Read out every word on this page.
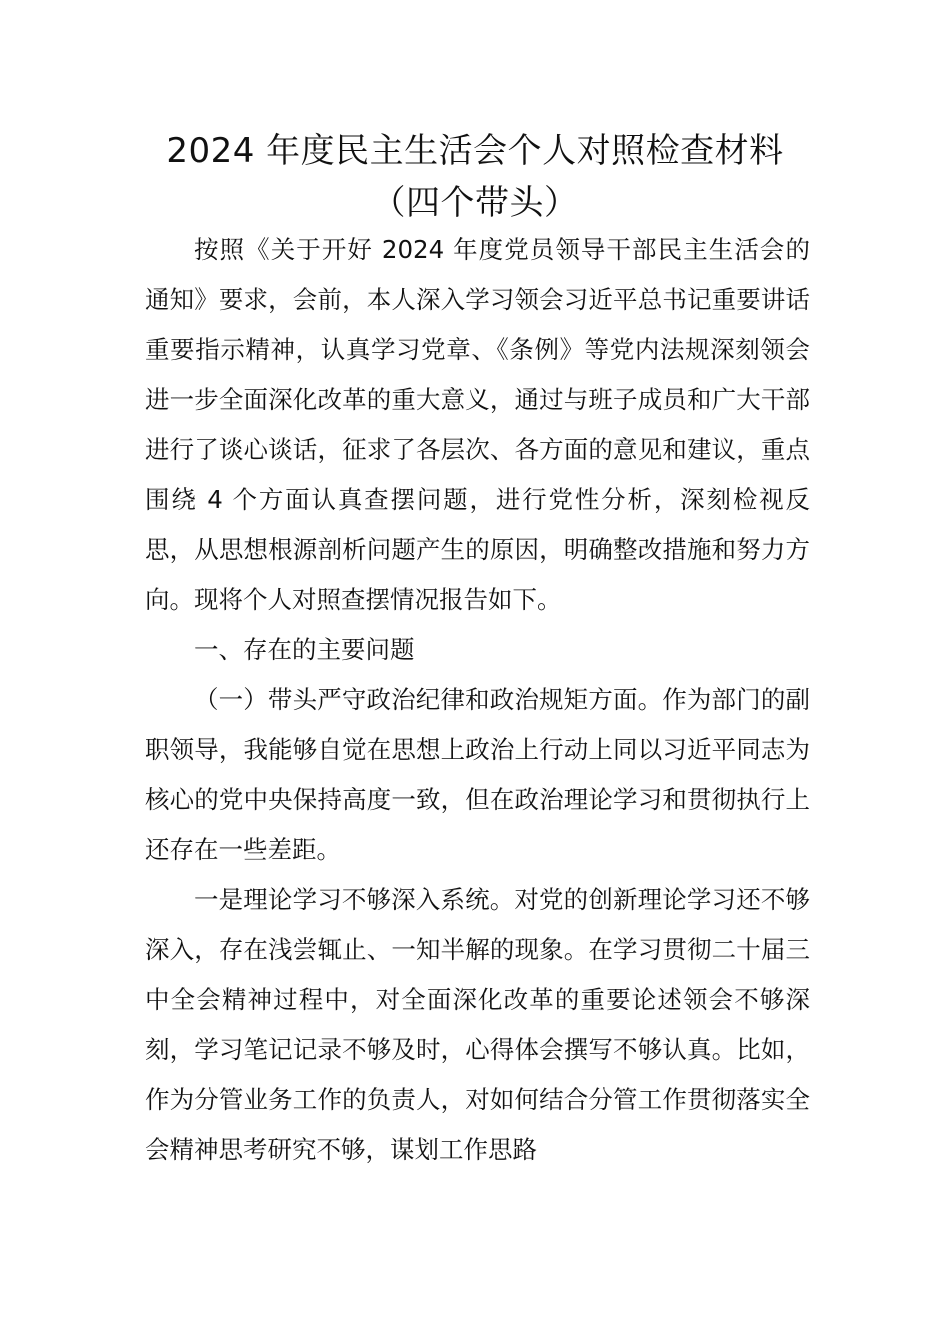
2024 年度民主生活会个人对照检查材料
（四个带头）

按照《关于开好 2024 年度党员领导干部民主生活会的通知》要求，会前，本人深入学习领会习近平总书记重要讲话重要指示精神，认真学习党章、《条例》等党内法规深刻领会进一步全面深化改革的重大意义，通过与班子成员和广大干部进行了谈心谈话，征求了各层次、各方面的意见和建议，重点围绕 4 个方面认真查摆问题，进行党性分析，深刻检视反思，从思想根源剖析问题产生的原因，明确整改措施和努力方向。现将个人对照查摆情况报告如下。

一、存在的主要问题

（一）带头严守政治纪律和政治规矩方面。作为部门的副职领导，我能够自觉在思想上政治上行动上同以习近平同志为核心的党中央保持高度一致，但在政治理论学习和贯彻执行上还存在一些差距。

一是理论学习不够深入系统。对党的创新理论学习还不够深入，存在浅尝辄止、一知半解的现象。在学习贯彻二十届三中全会精神过程中，对全面深化改革的重要论述领会不够深刻，学习笔记记录不够及时，心得体会撰写不够认真。比如，作为分管业务工作的负责人，对如何结合分管工作贯彻落实全会精神思考研究不够，谋划工作思路
